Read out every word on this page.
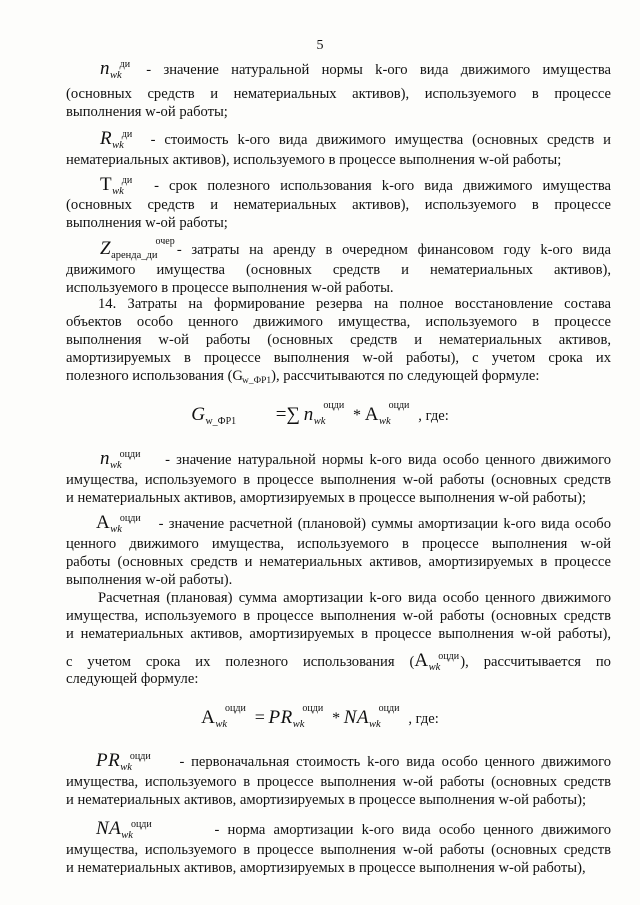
5
n ди
$_{wk}$ - значение натуральной нормы k-ого вида движимого имущества
(основных средств и нематериальных активов), используемого в процессе
выполнения w-ой работы;
R ди
$_{wk}$ - стоимость k-ого вида движимого имущества (основных средств и
нематериальных активов), используемого в процессе выполнения w-ой работы;
Т ди
$_{wk}$ - срок полезного использования k-ого вида движимого имущества
(основных средств и нематериальных активов), используемого в процессе
выполнения w-ой работы;
Z	очер
$_{аренда\_ди}$ - затраты на аренду в очередном финансовом году k-ого вида
движимого имущества (основных средств и нематериальных активов),
используемого в процессе выполнения w-ой работы.
14. Затраты на формирование резерва на полное восстановление состава
объектов особо ценного движимого имущества, используемого в процессе
выполнения w-ой работы (основных средств и нематериальных активов,
амортизируемых в процессе выполнения w-ой работы), с учетом срока их
полезного использования $(G_{w\_ФР1})$, рассчитываются по следующей формуле:
$G_{w\_ФР1}$ =∑ n оцди
$_{wk}$ * А оцди
$_{wk}$ , где:
n оцди
$_{wk}$	- значение натуральной нормы k-ого вида особо ценного движимого
имущества, используемого в процессе выполнения w-ой работы (основных средств
и нематериальных активов, амортизируемых в процессе выполнения w-ой работы);
А оцди
$_{wk}$	- значение расчетной (плановой) суммы амортизации k-ого вида особо
ценного движимого имущества, используемого в процессе выполнения w-ой
работы (основных средств и нематериальных активов, амортизируемых в процессе
выполнения w-ой работы).
Расчетная (плановая) сумма амортизации k-ого вида особо ценного движимого
имущества, используемого в процессе выполнения w-ой работы (основных средств
и нематериальных активов, амортизируемых в процессе выполнения w-ой работы),
с учетом срока их полезного использования (А оцди
$_{wk}$ ), рассчитывается по
следующей формуле:
А оцди
$_{wk}$ = PR оцди
$_{wk}$ * NA оцди
$_{wk}$ , где:
PR оцди
$_{wk}$	- первоначальная стоимость k-ого вида особо ценного движимого
имущества, используемого в процессе выполнения w-ой работы (основных средств
и нематериальных активов, амортизируемых в процессе выполнения w-ой работы);
NA оцди
$_{wk}$	- норма амортизации k-ого вида особо ценного движимого
имущества, используемого в процессе выполнения w-ой работы (основных средств
и нематериальных активов, амортизируемых в процессе выполнения w-ой работы),
